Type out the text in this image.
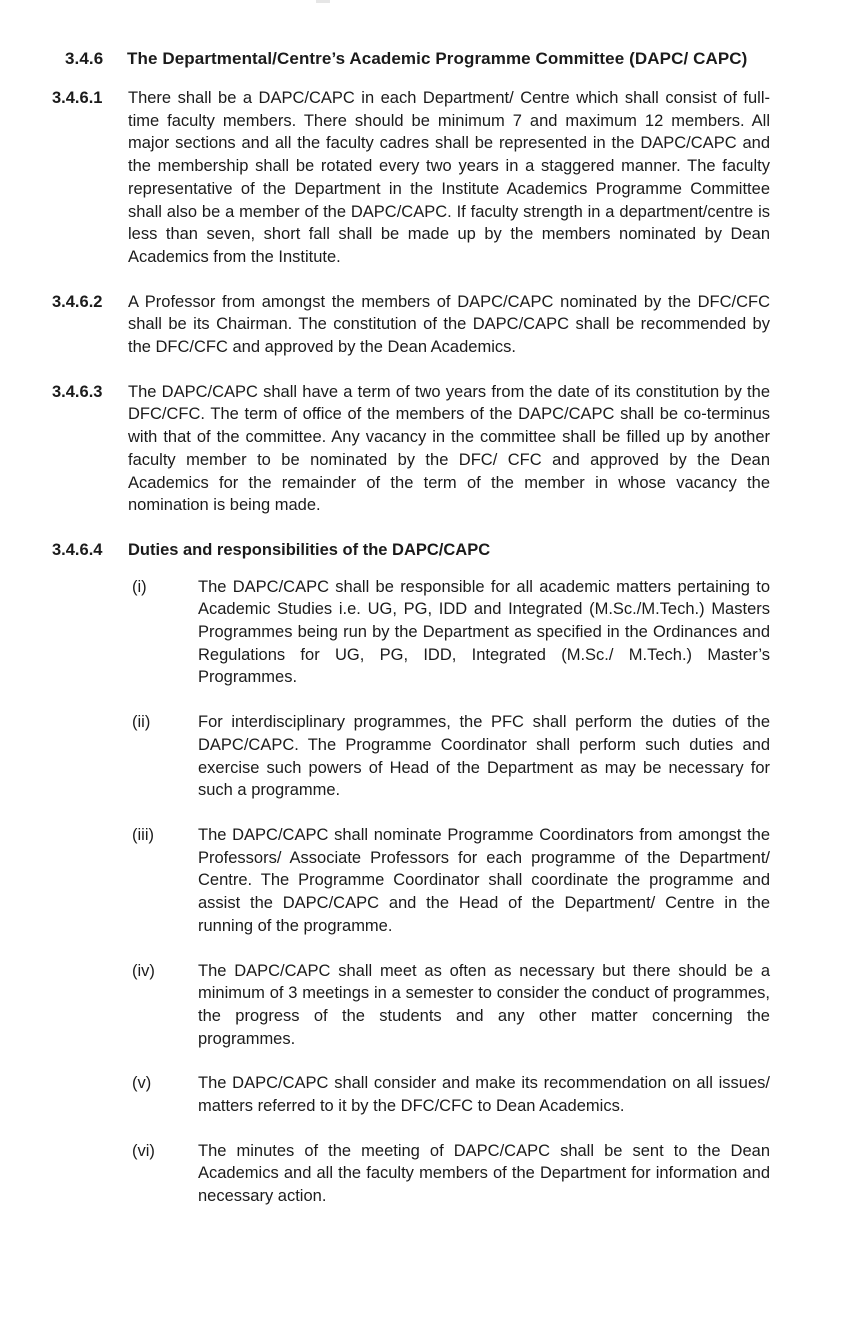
3.4.6	The Departmental/Centre’s Academic Programme Committee (DAPC/ CAPC)
3.4.6.1	There shall be a DAPC/CAPC in each Department/ Centre which shall consist of full-time faculty members. There should be minimum 7 and maximum 12 members. All major sections and all the faculty cadres shall be represented in the DAPC/CAPC and the membership shall be rotated every two years in a staggered manner. The faculty representative of the Department in the Institute Academics Programme Committee shall also be a member of the DAPC/CAPC. If faculty strength in a department/centre is less than seven, short fall shall be made up by the members nominated by Dean Academics from the Institute.

3.4.6.2	A Professor from amongst the members of DAPC/CAPC nominated by the DFC/CFC shall be its Chairman. The constitution of the DAPC/CAPC shall be recommended by the DFC/CFC and approved by the Dean Academics.

3.4.6.3	The DAPC/CAPC shall have a term of two years from the date of its constitution by the DFC/CFC. The term of office of the members of the DAPC/CAPC shall be co-terminus with that of the committee. Any vacancy in the committee shall be filled up by another faculty member to be nominated by the DFC/ CFC and approved by the Dean Academics for the remainder of the term of the member in whose vacancy the nomination is being made.

3.4.6.4	Duties and responsibilities of the DAPC/CAPC
(i)	The DAPC/CAPC shall be responsible for all academic matters pertaining to Academic Studies i.e. UG, PG, IDD and Integrated (M.Sc./M.Tech.) Masters Programmes being run by the Department as specified in the Ordinances and Regulations for UG, PG, IDD, Integrated (M.Sc./ M.Tech.) Master’s Programmes.

(ii)	For interdisciplinary programmes, the PFC shall perform the duties of the DAPC/CAPC. The Programme Coordinator shall perform such duties and exercise such powers of Head of the Department as may be necessary for such a programme.

(iii)	The DAPC/CAPC shall nominate Programme Coordinators from amongst the Professors/ Associate Professors for each programme of the Department/ Centre. The Programme Coordinator shall coordinate the programme and assist the DAPC/CAPC and the Head of the Department/ Centre in the running of the programme.

(iv)	The DAPC/CAPC shall meet as often as necessary but there should be a minimum of 3 meetings in a semester to consider the conduct of programmes, the progress of the students and any other matter concerning the programmes.

(v)	The DAPC/CAPC shall consider and make its recommendation on all issues/ matters referred to it by the DFC/CFC to Dean Academics.

(vi)	The minutes of the meeting of DAPC/CAPC shall be sent to the Dean Academics and all the faculty members of the Department for information and necessary action.
